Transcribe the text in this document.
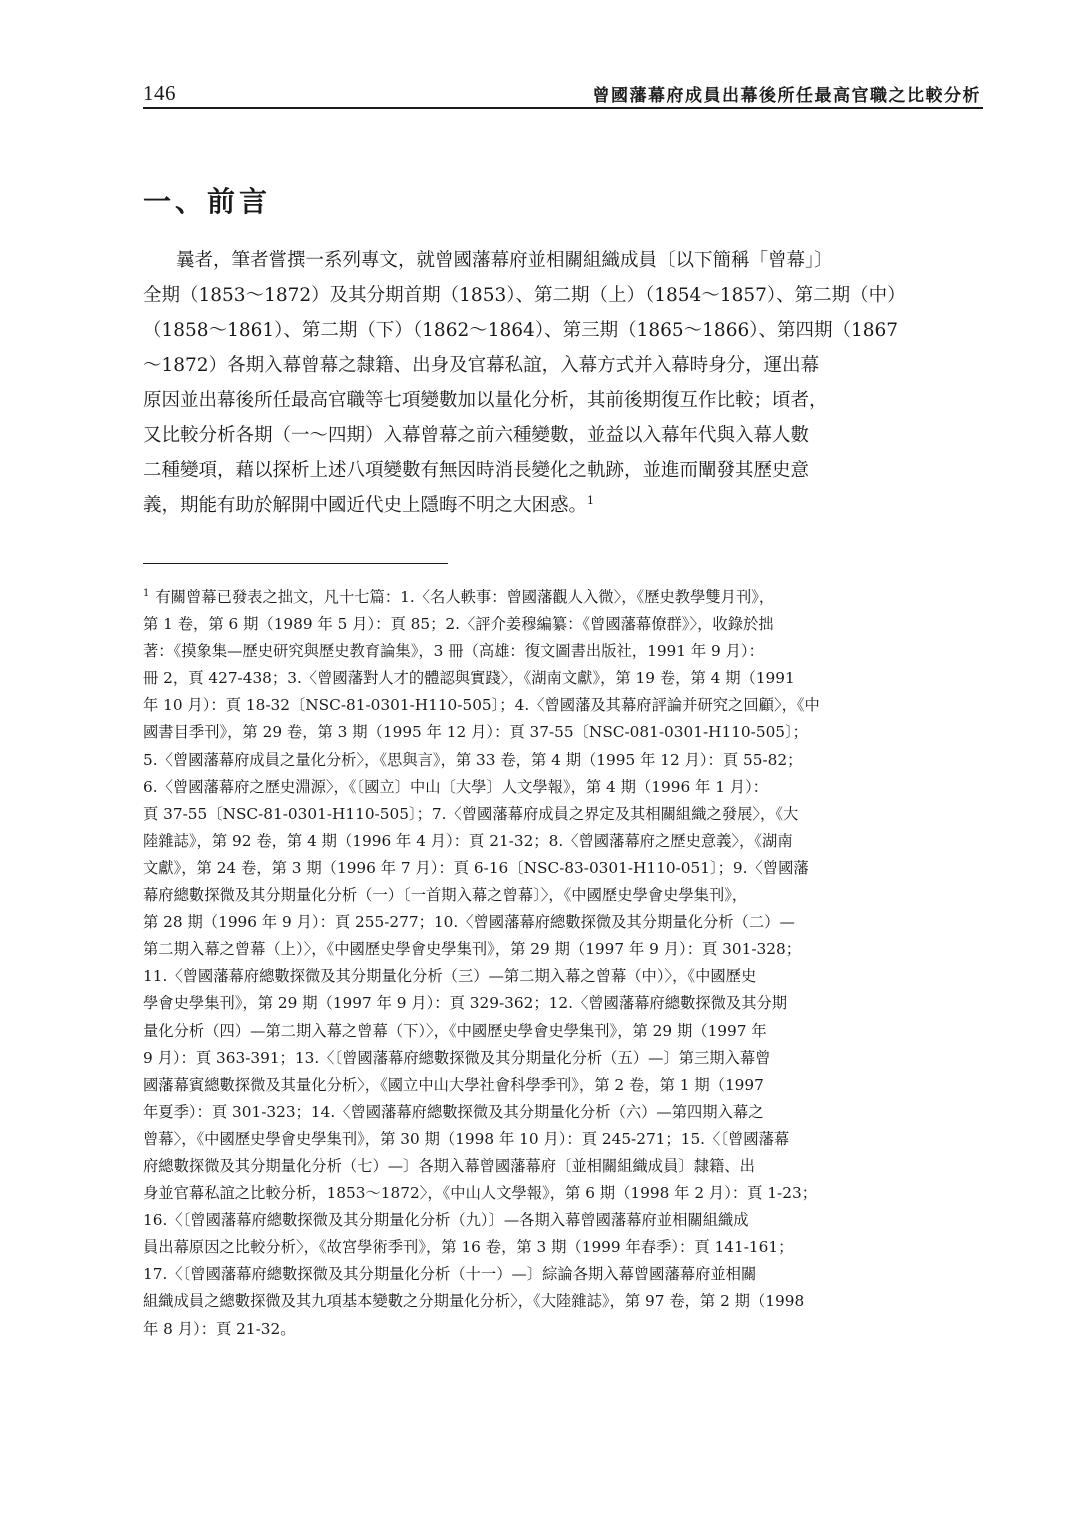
146	曾國藩幕府成員出幕後所任最高官職之比較分析
一、前言
曩者，筆者嘗撰一系列專文，就曾國藩幕府並相關組織成員〔以下簡稱「曾幕」〕
全期（1853～1872）及其分期首期（1853）、第二期（上）（1854～1857）、第二期（中）
（1858～1861）、第二期（下）（1862～1864）、第三期（1865～1866）、第四期（1867
～1872）各期入幕曾幕之隸籍、出身及官幕私誼，入幕方式并入幕時身分，運出幕
原因並出幕後所任最高官職等七項變數加以量化分析，其前後期復互作比較；頃者，
又比較分析各期（一～四期）入幕曾幕之前六種變數，並益以入幕年代與入幕人數
二種變項，藉以探析上述八項變數有無因時消長變化之軌跡，並進而闡發其歷史意
義，期能有助於解開中國近代史上隱晦不明之大困惑。$^1$
$^1$ 有關曾幕已發表之拙文，凡十七篇：1.〈名人軼事：曾國藩觀人入微〉，《歷史教學雙月刊》，
第 1 卷，第 6 期（1989 年 5 月）：頁 85；2.〈評介姜穆編纂：《曾國藩幕僚群》〉，收錄於拙
著：《摸象集—歷史研究與歷史教育論集》，3 冊（高雄：復文圖書出版社，1991 年 9 月）：
冊 2，頁 427-438；3.〈曾國藩對人才的體認與實踐〉，《湖南文獻》，第 19 卷，第 4 期（1991
年 10 月）：頁 18-32〔NSC-81-0301-H110-505〕；4.〈曾國藩及其幕府評論并研究之回顧〉，《中
國書目季刊》，第 29 卷，第 3 期（1995 年 12 月）：頁 37-55〔NSC-081-0301-H110-505〕；
5.〈曾國藩幕府成員之量化分析〉，《思與言》，第 33 卷，第 4 期（1995 年 12 月）：頁 55-82；
6.〈曾國藩幕府之歷史淵源〉，《〔國立〕中山〔大學〕人文學報》，第 4 期（1996 年 1 月）：
頁 37-55〔NSC-81-0301-H110-505〕；7.〈曾國藩幕府成員之界定及其相關組織之發展〉，《大
陸雜誌》，第 92 卷，第 4 期（1996 年 4 月）：頁 21-32；8.〈曾國藩幕府之歷史意義〉，《湖南
文獻》，第 24 卷，第 3 期（1996 年 7 月）：頁 6-16〔NSC-83-0301-H110-051〕；9.〈曾國藩
幕府總數探微及其分期量化分析（一）〔一首期入幕之曾幕〕〉，《中國歷史學會史學集刊》，
第 28 期（1996 年 9 月）：頁 255-277；10.〈曾國藩幕府總數探微及其分期量化分析（二）—
第二期入幕之曾幕（上）〉，《中國歷史學會史學集刊》，第 29 期（1997 年 9 月）：頁 301-328；
11.〈曾國藩幕府總數探微及其分期量化分析（三）—第二期入幕之曾幕（中）〉，《中國歷史
學會史學集刊》，第 29 期（1997 年 9 月）：頁 329-362；12.〈曾國藩幕府總數探微及其分期
量化分析（四）—第二期入幕之曾幕（下）〉，《中國歷史學會史學集刊》，第 29 期（1997 年
9 月）：頁 363-391；13.〈〔曾國藩幕府總數探微及其分期量化分析（五）—〕第三期入幕曾
國藩幕賓總數探微及其量化分析〉，《國立中山大學社會科學季刊》，第 2 卷，第 1 期（1997
年夏季）：頁 301-323；14.〈曾國藩幕府總數探微及其分期量化分析（六）—第四期入幕之
曾幕〉，《中國歷史學會史學集刊》，第 30 期（1998 年 10 月）：頁 245-271；15.〈〔曾國藩幕
府總數探微及其分期量化分析（七）—〕各期入幕曾國藩幕府〔並相關組織成員〕隸籍、出
身並官幕私誼之比較分析，1853～1872〉，《中山人文學報》，第 6 期（1998 年 2 月）：頁 1-23；
16.〈〔曾國藩幕府總數探微及其分期量化分析（九）〕—各期入幕曾國藩幕府並相關組織成
員出幕原因之比較分析〉，《故宮學術季刊》，第 16 卷，第 3 期（1999 年春季）：頁 141-161；
17.〈〔曾國藩幕府總數探微及其分期量化分析（十一）—〕綜論各期入幕曾國藩幕府並相關
組織成員之總數探微及其九項基本變數之分期量化分析〉，《大陸雜誌》，第 97 卷，第 2 期（1998
年 8 月）：頁 21-32。
